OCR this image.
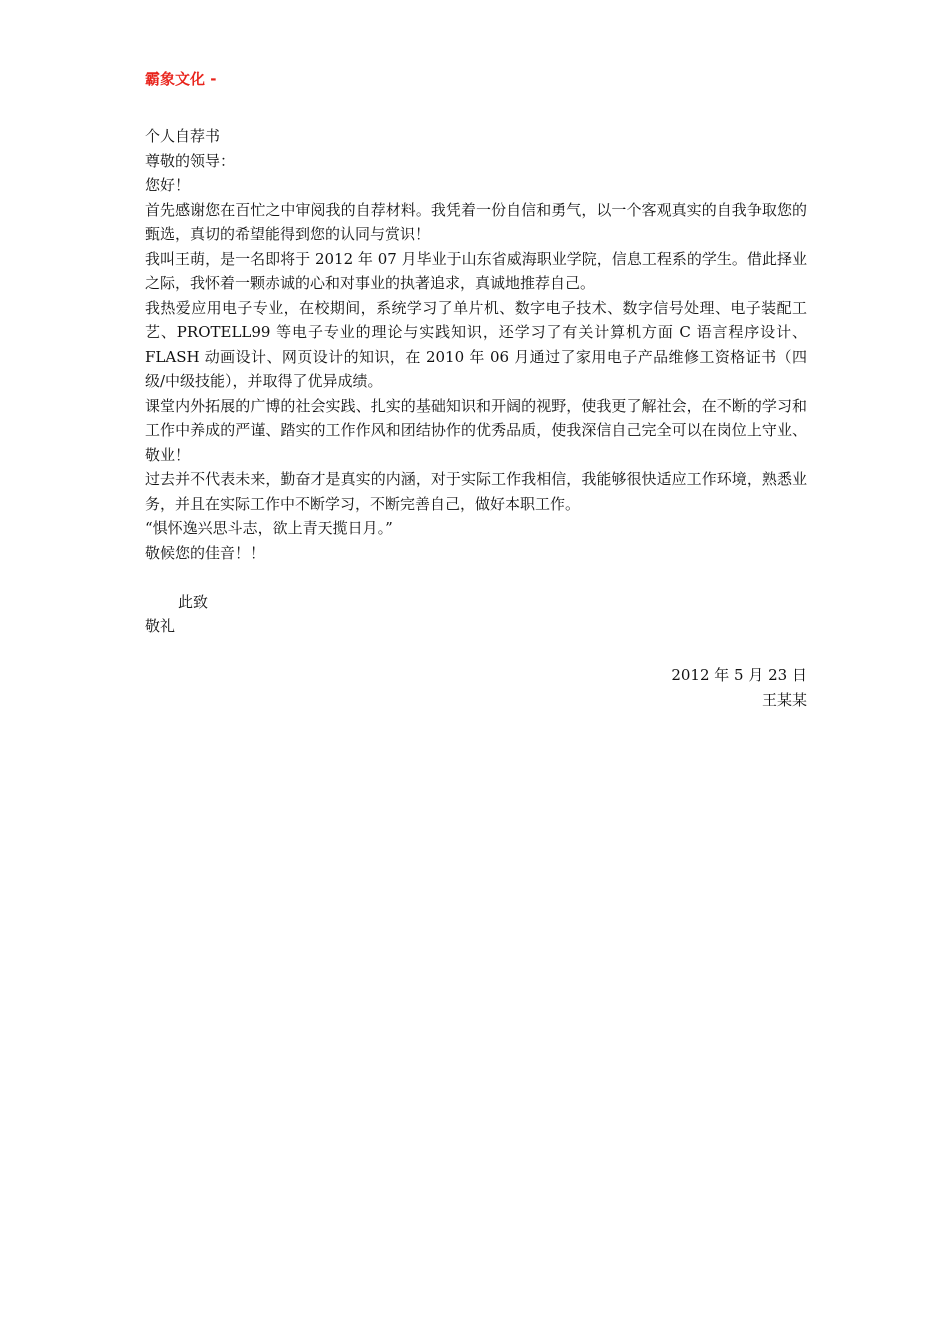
霸象文化 -

个人自荐书

尊敬的领导：

您好！

首先感谢您在百忙之中审阅我的自荐材料。我凭着一份自信和勇气，以一个客观真实的自我争取您的甄选，真切的希望能得到您的认同与赏识！

我叫王萌，是一名即将于 2012 年 07 月毕业于山东省威海职业学院，信息工程系的学生。借此择业之际，我怀着一颗赤诚的心和对事业的执著追求，真诚地推荐自己。

我热爱应用电子专业，在校期间，系统学习了单片机、数字电子技术、数字信号处理、电子装配工艺、PROTELL99 等电子专业的理论与实践知识，还学习了有关计算机方面 C 语言程序设计、FLASH 动画设计、网页设计的知识，在 2010 年 06 月通过了家用电子产品维修工资格证书（四级/中级技能），并取得了优异成绩。

课堂内外拓展的广博的社会实践、扎实的基础知识和开阔的视野，使我更了解社会，在不断的学习和工作中养成的严谨、踏实的工作作风和团结协作的优秀品质，使我深信自己完全可以在岗位上守业、敬业！

过去并不代表未来，勤奋才是真实的内涵，对于实际工作我相信，我能够很快适应工作环境，熟悉业务，并且在实际工作中不断学习，不断完善自己，做好本职工作。

“惧怀逸兴思斗志，欲上青天揽日月。”

敬候您的佳音！！

此致

敬礼

2012 年 5 月 23 日

王某某
